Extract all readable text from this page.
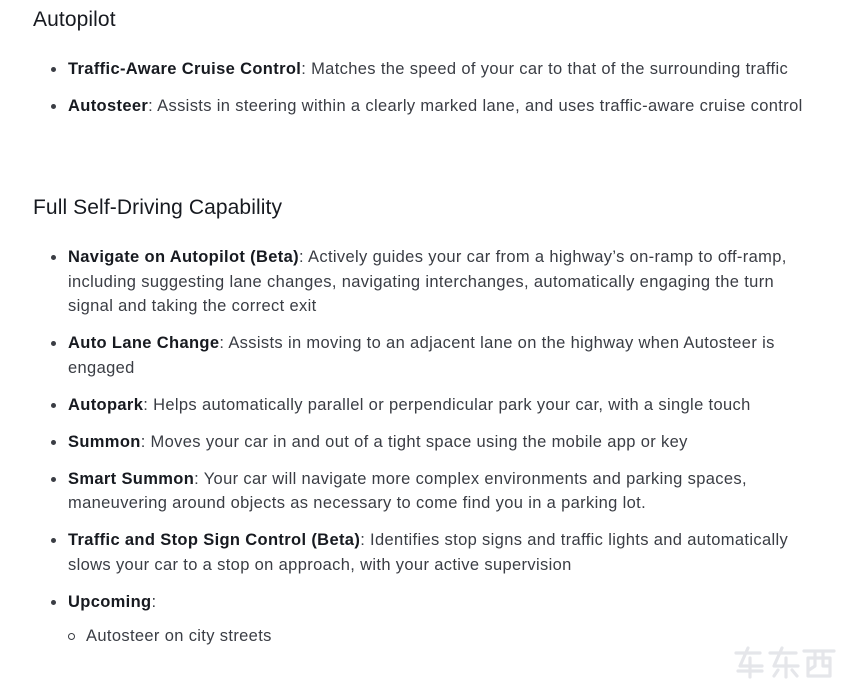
Autopilot
Traffic-Aware Cruise Control: Matches the speed of your car to that of the surrounding traffic
Autosteer: Assists in steering within a clearly marked lane, and uses traffic-aware cruise control
Full Self-Driving Capability
Navigate on Autopilot (Beta): Actively guides your car from a highway’s on-ramp to off-ramp, including suggesting lane changes, navigating interchanges, automatically engaging the turn signal and taking the correct exit
Auto Lane Change: Assists in moving to an adjacent lane on the highway when Autosteer is engaged
Autopark: Helps automatically parallel or perpendicular park your car, with a single touch
Summon: Moves your car in and out of a tight space using the mobile app or key
Smart Summon: Your car will navigate more complex environments and parking spaces, maneuvering around objects as necessary to come find you in a parking lot.
Traffic and Stop Sign Control (Beta): Identifies stop signs and traffic lights and automatically slows your car to a stop on approach, with your active supervision
Upcoming:
Autosteer on city streets
